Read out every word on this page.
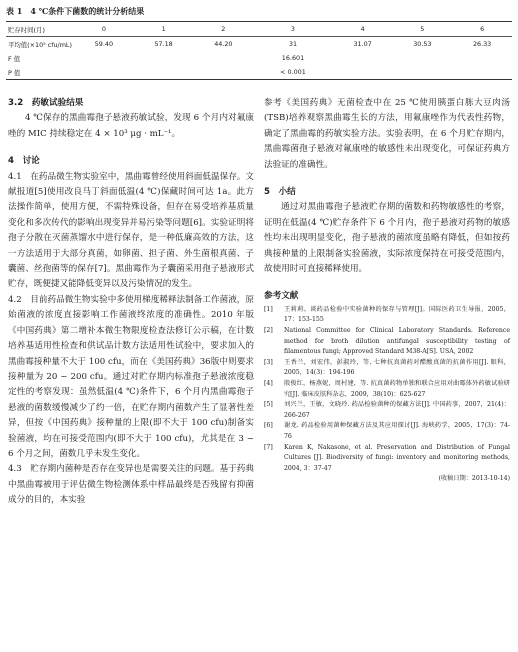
表 1　4 ℃条件下菌数的统计分析结果
贮存时间(月)	0	1	2	3	4	5	6
平均值(×10⁵ cfu/mL)	59.40	57.18	44.20	31	31.07	30.53	26.33
F 值				16.601			
P 值				< 0.001			
3.2　药敏试验结果

4 ℃保存的黑曲霉孢子悬液药敏试验，发现 6 个月内对氟康唑的 MIC 持续稳定在 4 × 10³ μg · mL⁻¹。

4　讨论

4.1　在药品微生物实验室中，黑曲霉曾经使用斜面低温保存。文献报道[5]使用改良马丁斜面低温(4 ℃)保藏时间可达 1a。此方法操作简单，使用方便，不需特殊设备，但存在易受培养基质量变化和多次传代的影响出现变异并易污染等问题[6]。实验证明将孢子分散在灭菌蒸馏水中进行保存，是一种低廉高效的方法，这一方法适用于大部分真菌，如卵菌、担子菌、外生菌根真菌、子囊菌、丝孢菌等的保存[7]。黑曲霉作为子囊菌采用孢子悬液形式贮存，既便捷又能降低变异以及污染情况的发生。

4.2　目前药品微生物实验中多使用梯度稀释法制备工作菌液，原始菌液的浓度直接影响工作菌液终浓度的准确性。2010 年版《中国药典》第二增补本微生物限度检查法修订公示稿，在计数培养基适用性检查和供试品计数方法适用性试验中，要求加入的黑曲霉接种量不大于 100 cfu，而在《美国药典》36版中则要求接种量为 20 ~ 200 cfu。通过对贮存期内标准孢子悬液浓度稳定性的考察发现：虽然低温(4 ℃)条件下，6 个月内黑曲霉孢子悬液的菌数缓慢减少了约一倍，在贮存期内菌数产生了显著性差异，但按《中国药典》接种量的上限(即不大于 100 cfu)制备实验菌液，均在可接受范围内(即不大于 100 cfu)，尤其是在 3 ~ 6 个月之间，菌数几乎未发生变化。

4.3　贮存期内菌种是否存在变异也是需要关注的问题。基于药典中黑曲霉被用于评估微生物检测体系中样品最终是否残留有抑菌成分的目的，本实验

参考《美国药典》无菌检查中在 25 ℃使用胰蛋白胨大豆肉汤(TSB)培养观察黑曲霉生长的方法，用氟康唑作为代表性药物，确定了黑曲霉的药敏实验方法。实验表明，在 6 个月贮存期内，黑曲霉菌孢子悬液对氟康唑的敏感性未出现变化，可保证药典方法验证的准确性。

5　小结

通过对黑曲霉孢子悬液贮存期的菌数和药物敏感性的考察，证明在低温(4 ℃)贮存条件下 6 个月内，孢子悬液对药物的敏感性均未出现明显变化，孢子悬液的菌浓度虽略有降低，但如按药典接种量的上限制备实验菌液，实际浓度保持在可接受范围内，故使用时可直接稀释使用。

参考文献
[1]	王莉莉。谈药品检验中实验菌种的保存与管理[J]。国际医药卫生导报，2005，17：153-155
[2]	National Committee for Clinical Laboratory Standards. Reference method for broth dilution antifungal susceptibility testing of filamentous fungi; Approved Standard M38-A[S]. USA, 2002
[3]	王香兰，刘宏伟，彭淑玲，等. 七种抗真菌药对醋酸真菌的抗菌作用[J]. 眼科，2005，14(3)：194-196
[4]	殷俊红，杨燕妮，周村建，等. 抗真菌药物单独和联合应用对曲霉体外药敏试验研究[J]. 临床皮肤科杂志，2009，38(10)：625-627
[5]	刘兴兰，王敏，文晓玲. 药品检验菌种的保藏方法[J]. 中国药事，2007，21(4)：266-267
[6]	谢龙. 药品检验用菌种保藏方法及其应用探讨[J]. 海峡药学，2005，17(3)：74-76
[7]	Karen K, Nakasone, et al. Preservation and Distribution of Fungal Cultures [J]. Biodiversity of fungi: inventory and monitoring methods, 2004, 3：37-47
(收稿日期：2013-10-14)
